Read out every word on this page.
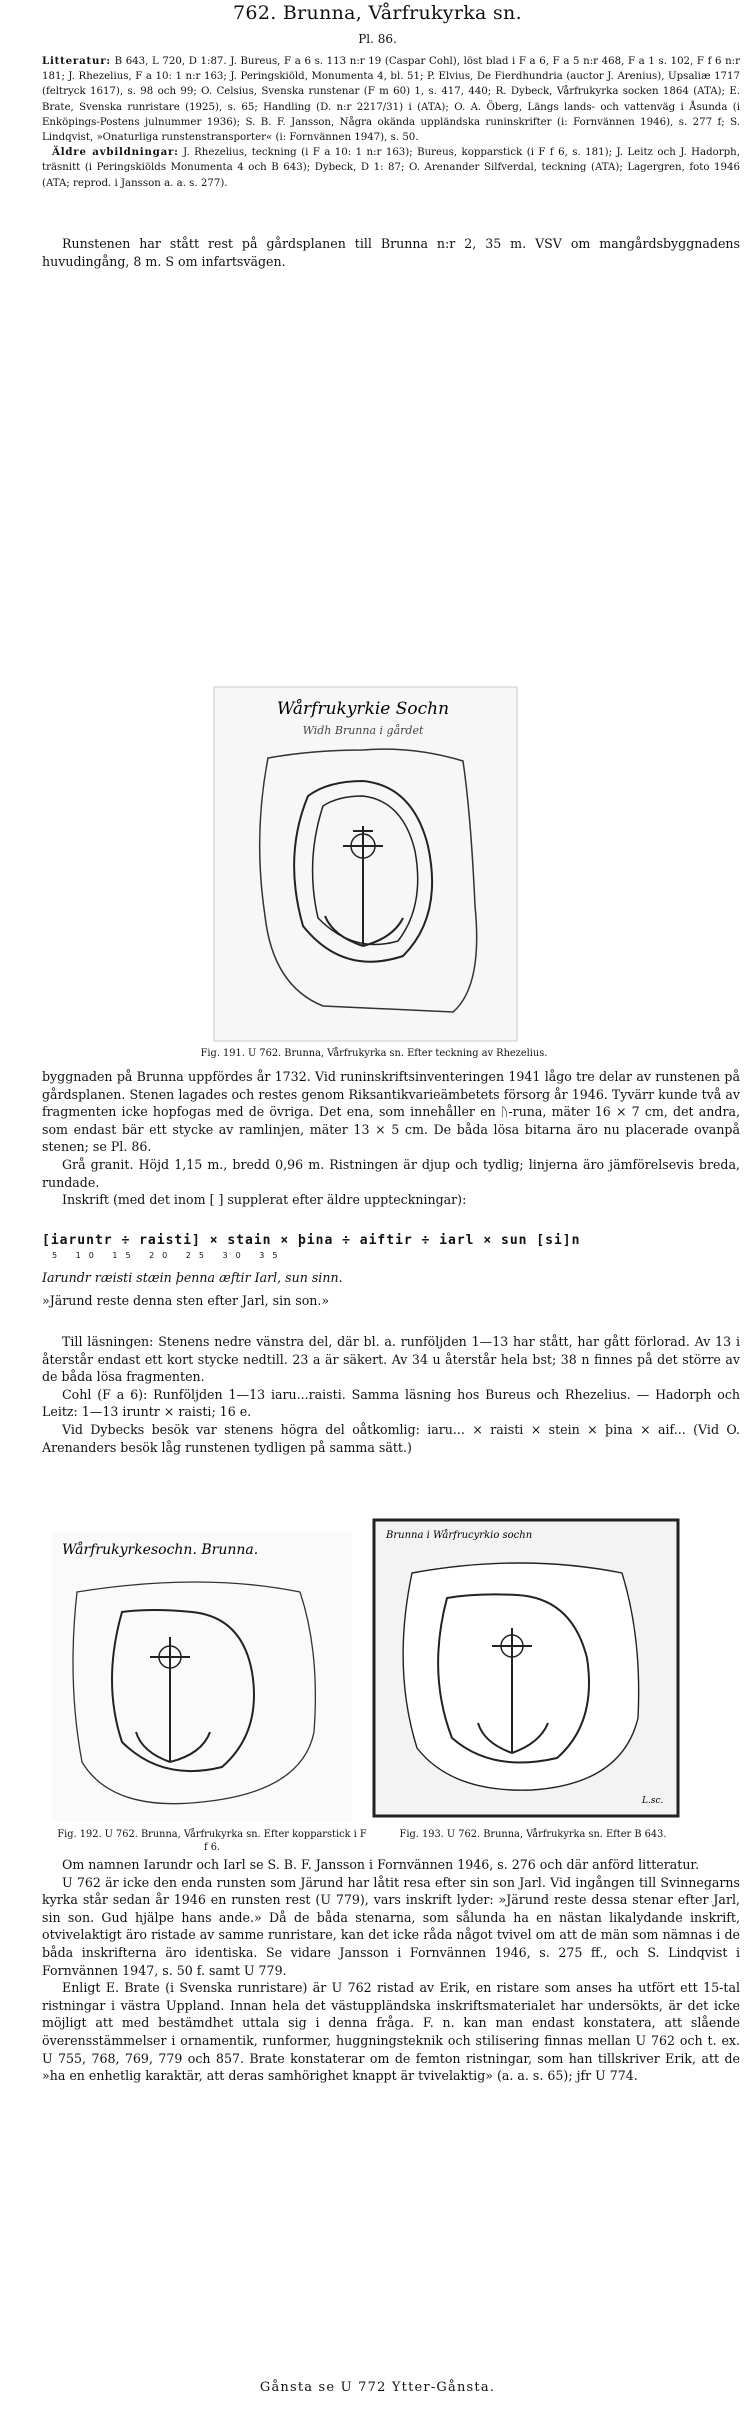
762. Brunna, Vårfrukyrka sn.
Pl. 86.

Litteratur: B 643, L 720, D 1:87. J. Bureus, F a 6 s. 113 n:r 19 (Caspar Cohl), löst blad i F a 6, F a 5 n:r 468, F a 1 s. 102, F f 6 n:r 181; J. Rhezelius, F a 10: 1 n:r 163; J. Peringskiöld, Monumenta 4, bl. 51; P. Elvius, De Fierdhundria (auctor J. Arenius), Upsaliæ 1717 (feltryck 1617), s. 98 och 99; O. Celsius, Svenska runstenar (F m 60) 1, s. 417, 440; R. Dybeck, Vårfrukyrka socken 1864 (ATA); E. Brate, Svenska runristare (1925), s. 65; Handling (D. n:r 2217/31) i (ATA); O. A. Öberg, Längs lands- och vattenväg i Åsunda (i Enköpings-Postens julnummer 1936); S. B. F. Jansson, Några okända uppländska runinskrifter (i: Fornvännen 1946), s. 277 f; S. Lindqvist, »Onaturliga runstenstransporter« (i: Fornvännen 1947), s. 50.

Äldre avbildningar: J. Rhezelius, teckning (i F a 10: 1 n:r 163); Bureus, kopparstick (i F f 6, s. 181); J. Leitz och J. Hadorph, träsnitt (i Peringskiölds Monumenta 4 och B 643); Dybeck, D 1: 87; O. Arenander Silfverdal, teckning (ATA); Lagergren, foto 1946 (ATA; reprod. i Jansson a. a. s. 277).

Runstenen har stått rest på gårdsplanen till Brunna n:r 2, 35 m. VSV om mangårdsbyggnadens huvudingång, 8 m. S om infartsvägen.

Wårfrukyrkie Sochn
Widh Brunna i gårdet
Fig. 191. U 762. Brunna, Vårfrukyrka sn. Efter teckning av Rhezelius.

byggnaden på Brunna uppfördes år 1732. Vid runinskriftsinventeringen 1941 lågo tre delar av runstenen på gårdsplanen. Stenen lagades och restes genom Riksantikvarieämbetets försorg år 1946. Tyvärr kunde två av fragmenten icke hopfogas med de övriga. Det ena, som innehåller en ᚢ-runa, mäter 16 × 7 cm, det andra, som endast bär ett stycke av ramlinjen, mäter 13 × 5 cm. De båda lösa bitarna äro nu placerade ovanpå stenen; se Pl. 86.

Grå granit. Höjd 1,15 m., bredd 0,96 m. Ristningen är djup och tydlig; linjerna äro jämförelsevis breda, rundade.

Inskrift (med det inom [ ] supplerat efter äldre uppteckningar):

[iaruntr ÷ raisti] × stain × þina ÷ aiftir ÷ iarl × sun [si]n
5 10 15 20 25 30 35
Iarundr ræisti stæin þenna æftir Iarl, sun sinn.
»Järund reste denna sten efter Jarl, sin son.»

Till läsningen: Stenens nedre vänstra del, där bl. a. runföljden 1—13 har stått, har gått förlorad. Av 13 i återstår endast ett kort stycke nedtill. 23 a är säkert. Av 34 u återstår hela bst; 38 n finnes på det större av de båda lösa fragmenten.

Cohl (F a 6): Runföljden 1—13 iaru...raisti. Samma läsning hos Bureus och Rhezelius. — Hadorph och Leitz: 1—13 iruntr × raisti; 16 e.

Vid Dybecks besök var stenens högra del oåtkomlig: iaru... × raisti × stein × þina × aif... (Vid O. Arenanders besök låg runstenen tydligen på samma sätt.)

Wårfrukyrkesochn. Brunna.
Fig. 192. U 762. Brunna, Vårfrukyrka sn. Efter kopparstick i F f 6.
Brunna i Wårfrucyrkio sochn
L.sc.
Fig. 193. U 762. Brunna, Vårfrukyrka sn. Efter B 643.

Om namnen Iarundr och Iarl se S. B. F. Jansson i Fornvännen 1946, s. 276 och där anförd litteratur.

U 762 är icke den enda runsten som Järund har låtit resa efter sin son Jarl. Vid ingången till Svinnegarns kyrka står sedan år 1946 en runsten rest (U 779), vars inskrift lyder: »Järund reste dessa stenar efter Jarl, sin son. Gud hjälpe hans ande.» Då de båda stenarna, som sålunda ha en nästan likalydande inskrift, otvivelaktigt äro ristade av samme runristare, kan det icke råda något tvivel om att de män som nämnas i de båda inskrifterna äro identiska. Se vidare Jansson i Fornvännen 1946, s. 275 ff., och S. Lindqvist i Fornvännen 1947, s. 50 f. samt U 779.

Enligt E. Brate (i Svenska runristare) är U 762 ristad av Erik, en ristare som anses ha utfört ett 15-tal ristningar i västra Uppland. Innan hela det västuppländska inskriftsmaterialet har undersökts, är det icke möjligt att med bestämdhet uttala sig i denna fråga. F. n. kan man endast konstatera, att slående överensstämmelser i ornamentik, runformer, huggningsteknik och stilisering finnas mellan U 762 och t. ex. U 755, 768, 769, 779 och 857. Brate konstaterar om de femton ristningar, som han tillskriver Erik, att de »ha en enhetlig karaktär, att deras samhörighet knappt är tvivelaktig» (a. a. s. 65); jfr U 774.

Gånsta se U 772 Ytter-Gånsta.
